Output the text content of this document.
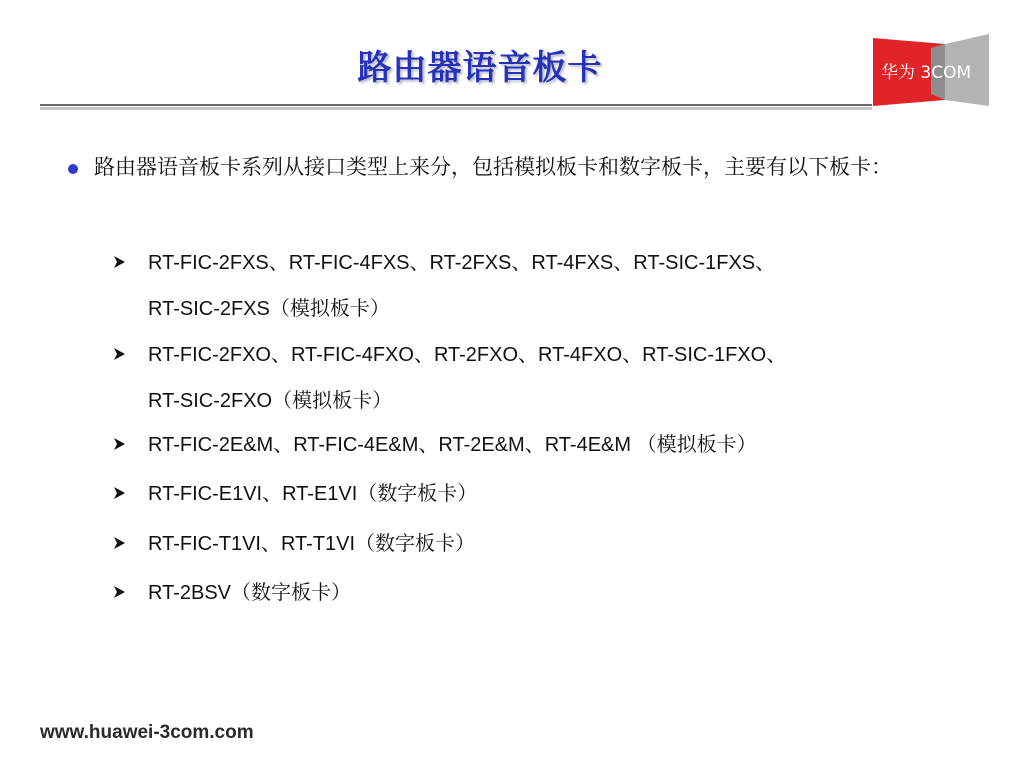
路由器语音板卡	华为 3COM
路由器语音板卡系列从接口类型上来分，包括模拟板卡和数字板卡，主要有以下板卡：
RT-FIC-2FXS、RT-FIC-4FXS、RT-2FXS、RT-4FXS、RT-SIC-1FXS、
RT-SIC-2FXS（模拟板卡）
RT-FIC-2FXO、RT-FIC-4FXO、RT-2FXO、RT-4FXO、RT-SIC-1FXO、
RT-SIC-2FXO（模拟板卡）
RT-FIC-2E&M、RT-FIC-4E&M、RT-2E&M、RT-4E&M （模拟板卡）
RT-FIC-E1VI、RT-E1VI（数字板卡）
RT-FIC-T1VI、RT-T1VI（数字板卡）
RT-2BSV（数字板卡）
www.huawei-3com.com
